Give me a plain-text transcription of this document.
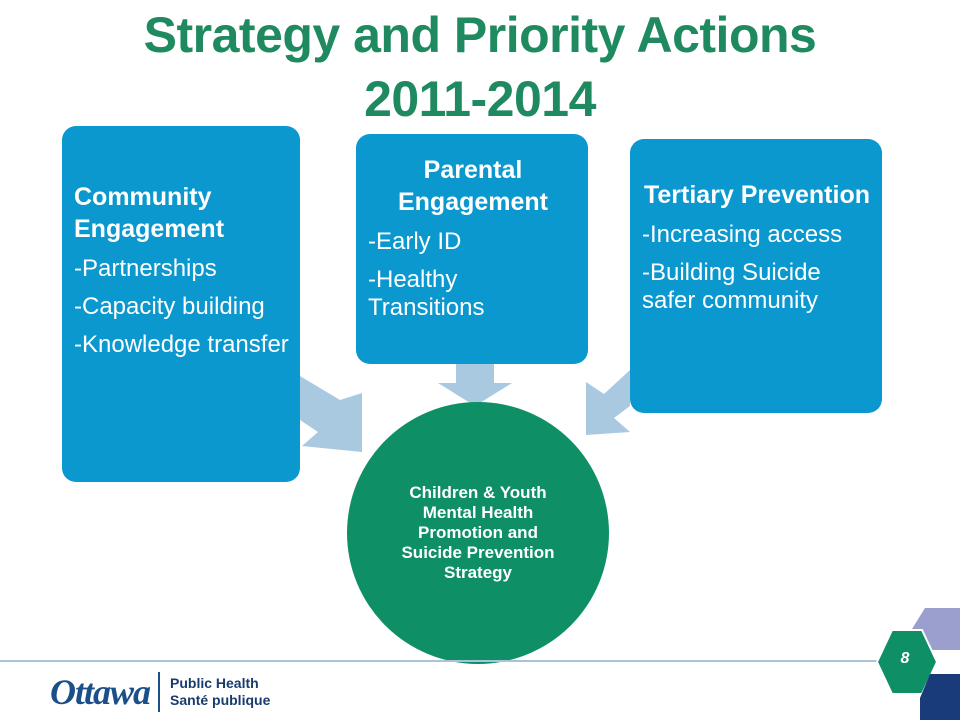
Strategy and Priority Actions
2011-2014
Community Engagement
-Partnerships
-Capacity building
-Knowledge transfer
Parental Engagement
-Early ID
-Healthy Transitions
Tertiary Prevention
-Increasing access
-Building Suicide safer community
Children & Youth Mental Health Promotion and Suicide Prevention Strategy
Ottawa Public Health
Santé publique
8
